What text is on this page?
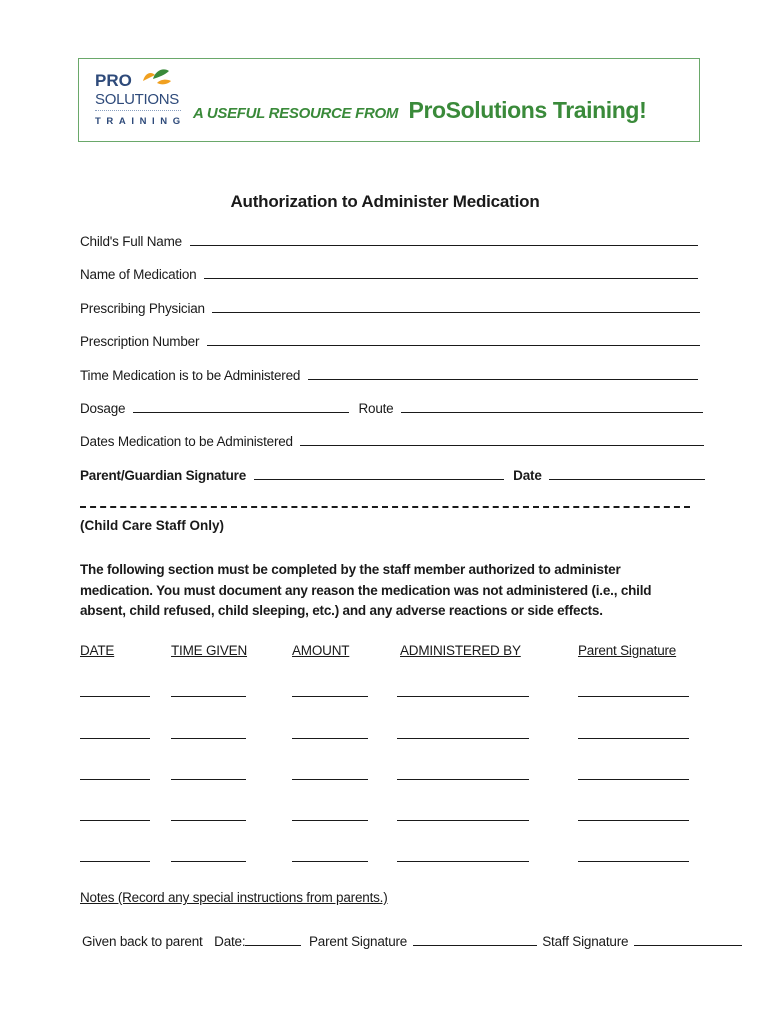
PRO
SOLUTIONS
TRAINING A USEFUL RESOURCE FROM ProSolutions Training!
Authorization to Administer Medication
Child's Full Name
Name of Medication
Prescribing Physician
Prescription Number
Time Medication is to be Administered
Dosage	Route
Dates Medication to be Administered
Parent/Guardian Signature	Date
(Child Care Staff Only)
The following section must be completed by the staff member authorized to administer medication. You must document any reason the medication was not administered (i.e., child absent, child refused, child sleeping, etc.) and any adverse reactions or side effects.
DATE	TIME GIVEN	AMOUNT	ADMINISTERED BY	Parent Signature
Notes (Record any special instructions from parents.)
Given back to parent Date:	Parent Signature	Staff Signature
